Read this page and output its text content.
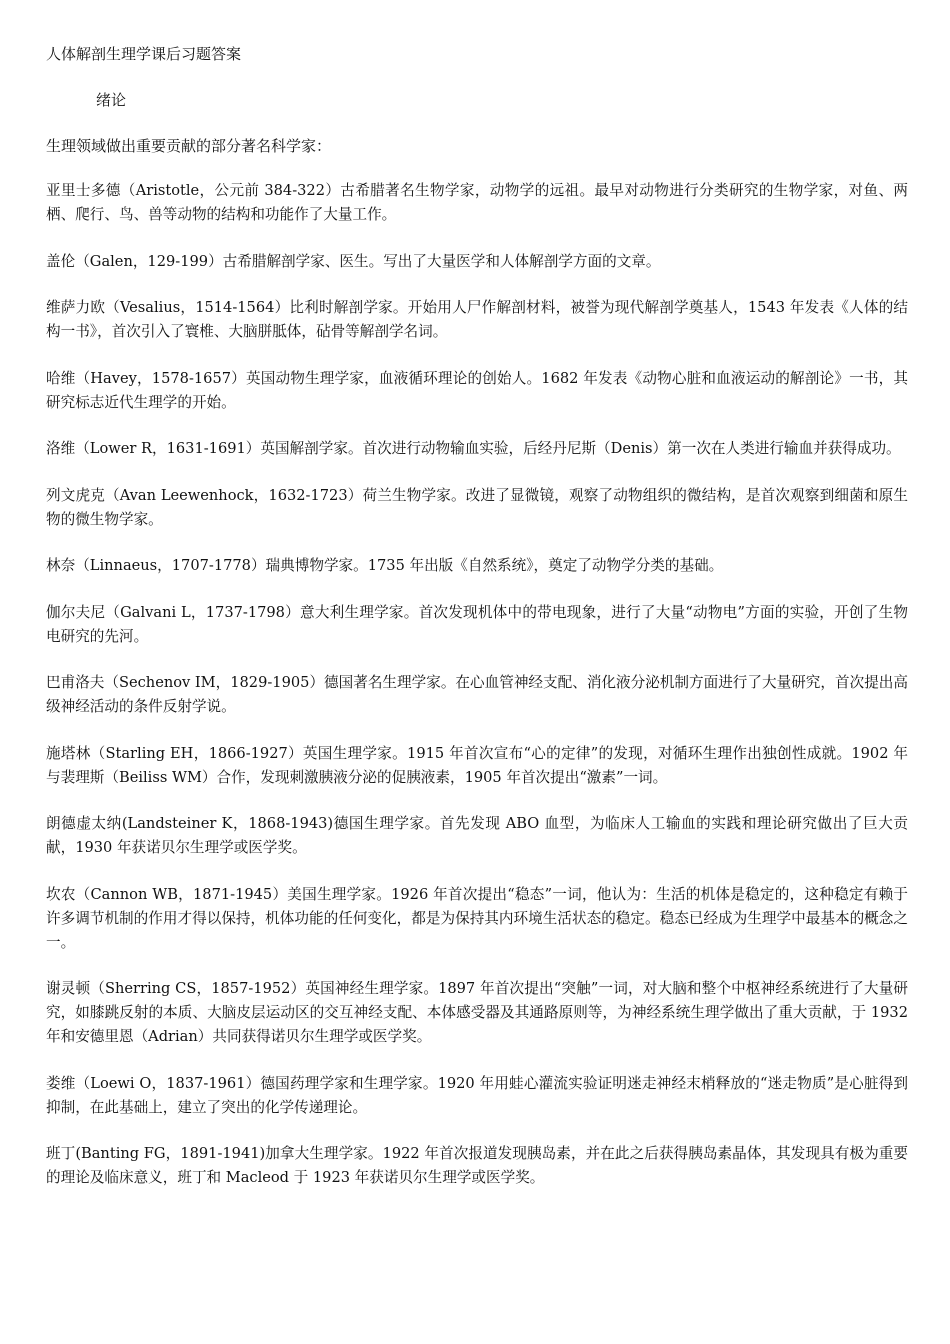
人体解剖生理学课后习题答案
绪论
生理领域做出重要贡献的部分著名科学家：

亚里士多德（Aristotle，公元前 384-322）古希腊著名生物学家，动物学的远祖。最早对动物进行分类研究的生物学家，对鱼、两栖、爬行、鸟、兽等动物的结构和功能作了大量工作。

盖伦（Galen，129-199）古希腊解剖学家、医生。写出了大量医学和人体解剖学方面的文章。

维萨力欧（Vesalius，1514-1564）比利时解剖学家。开始用人尸作解剖材料，被誉为现代解剖学奠基人，1543 年发表《人体的结构一书》，首次引入了寰椎、大脑胼胝体，砧骨等解剖学名词。

哈维（Havey，1578-1657）英国动物生理学家，血液循环理论的创始人。1682 年发表《动物心脏和血液运动的解剖论》一书，其研究标志近代生理学的开始。

洛维（Lower R，1631-1691）英国解剖学家。首次进行动物输血实验，后经丹尼斯（Denis）第一次在人类进行输血并获得成功。

列文虎克（Avan Leewenhock，1632-1723）荷兰生物学家。改进了显微镜，观察了动物组织的微结构，是首次观察到细菌和原生物的微生物学家。

林奈（Linnaeus，1707-1778）瑞典博物学家。1735 年出版《自然系统》，奠定了动物学分类的基础。

伽尔夫尼（Galvani L，1737-1798）意大利生理学家。首次发现机体中的带电现象，进行了大量“动物电”方面的实验，开创了生物电研究的先河。

巴甫洛夫（Sechenov IM，1829-1905）德国著名生理学家。在心血管神经支配、消化液分泌机制方面进行了大量研究，首次提出高级神经活动的条件反射学说。

施塔林（Starling EH，1866-1927）英国生理学家。1915 年首次宣布“心的定律”的发现，对循环生理作出独创性成就。1902 年与裴理斯（Beiliss WM）合作，发现刺激胰液分泌的促胰液素，1905 年首次提出“激素”一词。

朗德虚太纳(Landsteiner K，1868-1943)德国生理学家。首先发现 ABO 血型，为临床人工输血的实践和理论研究做出了巨大贡献，1930 年获诺贝尔生理学或医学奖。

坎农（Cannon WB，1871-1945）美国生理学家。1926 年首次提出“稳态”一词，他认为：生活的机体是稳定的，这种稳定有赖于许多调节机制的作用才得以保持，机体功能的任何变化，都是为保持其内环境生活状态的稳定。稳态已经成为生理学中最基本的概念之一。

谢灵顿（Sherring CS，1857-1952）英国神经生理学家。1897 年首次提出“突触”一词，对大脑和整个中枢神经系统进行了大量研究，如膝跳反射的本质、大脑皮层运动区的交互神经支配、本体感受器及其通路原则等，为神经系统生理学做出了重大贡献，于 1932 年和安德里恩（Adrian）共同获得诺贝尔生理学或医学奖。

娄维（Loewi O，1837-1961）德国药理学家和生理学家。1920 年用蛙心灌流实验证明迷走神经末梢释放的“迷走物质”是心脏得到抑制，在此基础上，建立了突出的化学传递理论。

班丁(Banting FG，1891-1941)加拿大生理学家。1922 年首次报道发现胰岛素，并在此之后获得胰岛素晶体，其发现具有极为重要的理论及临床意义，班丁和 Macleod 于 1923 年获诺贝尔生理学或医学奖。
